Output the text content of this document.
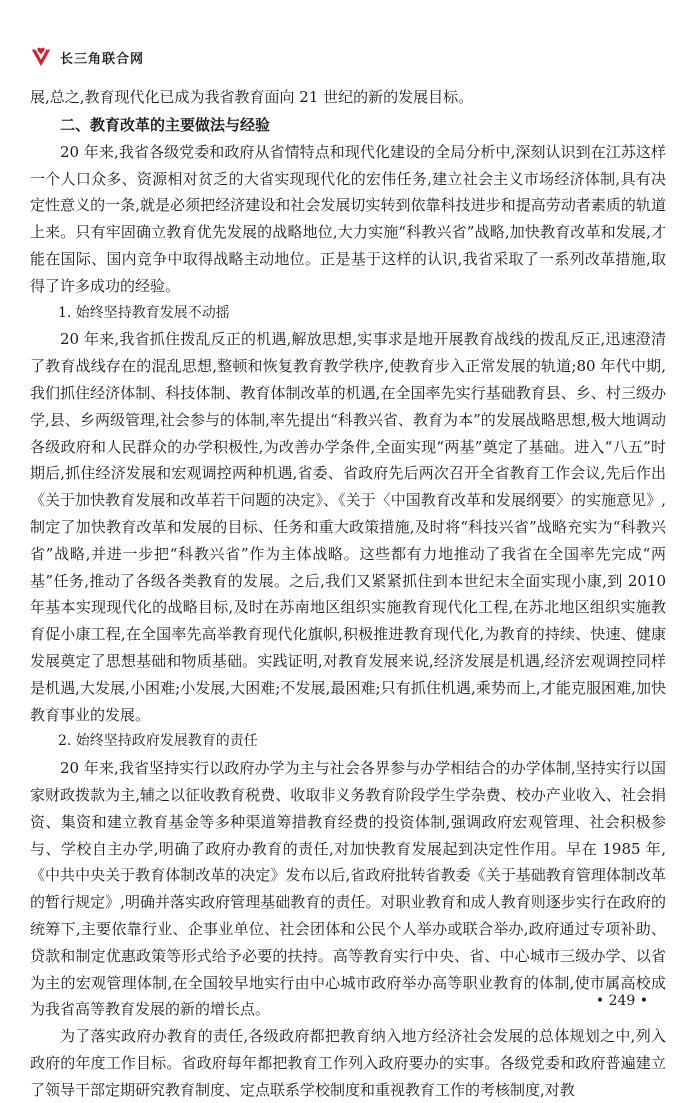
长三角联合网

展,总之,教育现代化已成为我省教育面向 21 世纪的新的发展目标。

二、教育改革的主要做法与经验

20 年来,我省各级党委和政府从省情特点和现代化建设的全局分析中,深刻认识到在江苏这样一个人口众多、资源相对贫乏的大省实现现代化的宏伟任务,建立社会主义市场经济体制,具有决定性意义的一条,就是必须把经济建设和社会发展切实转到依靠科技进步和提高劳动者素质的轨道上来。只有牢固确立教育优先发展的战略地位,大力实施“科教兴省”战略,加快教育改革和发展,才能在国际、国内竞争中取得战略主动地位。正是基于这样的认识,我省采取了一系列改革措施,取得了许多成功的经验。

1. 始终坚持教育发展不动摇

20 年来,我省抓住拨乱反正的机遇,解放思想,实事求是地开展教育战线的拨乱反正,迅速澄清了教育战线存在的混乱思想,整顿和恢复教育教学秩序,使教育步入正常发展的轨道;80 年代中期,我们抓住经济体制、科技体制、教育体制改革的机遇,在全国率先实行基础教育县、乡、村三级办学,县、乡两级管理,社会参与的体制,率先提出“科教兴省、教育为本”的发展战略思想,极大地调动各级政府和人民群众的办学积极性,为改善办学条件,全面实现“两基”奠定了基础。进入“八五”时期后,抓住经济发展和宏观调控两种机遇,省委、省政府先后两次召开全省教育工作会议,先后作出《关于加快教育发展和改革若干问题的决定》、《关于〈中国教育改革和发展纲要〉的实施意见》,制定了加快教育改革和发展的目标、任务和重大政策措施,及时将“科技兴省”战略充实为“科教兴省”战略,并进一步把“科教兴省”作为主体战略。这些都有力地推动了我省在全国率先完成“两基”任务,推动了各级各类教育的发展。之后,我们又紧紧抓住到本世纪末全面实现小康,到 2010 年基本实现现代化的战略目标,及时在苏南地区组织实施教育现代化工程,在苏北地区组织实施教育促小康工程,在全国率先高举教育现代化旗帜,积极推进教育现代化,为教育的持续、快速、健康发展奠定了思想基础和物质基础。实践证明,对教育发展来说,经济发展是机遇,经济宏观调控同样是机遇,大发展,小困难;小发展,大困难;不发展,最困难;只有抓住机遇,乘势而上,才能克服困难,加快教育事业的发展。

2. 始终坚持政府发展教育的责任

20 年来,我省坚持实行以政府办学为主与社会各界参与办学相结合的办学体制,坚持实行以国家财政拨款为主,辅之以征收教育税费、收取非义务教育阶段学生学杂费、校办产业收入、社会捐资、集资和建立教育基金等多种渠道筹措教育经费的投资体制,强调政府宏观管理、社会积极参与、学校自主办学,明确了政府办教育的责任,对加快教育发展起到决定性作用。早在 1985 年,《中共中央关于教育体制改革的决定》发布以后,省政府批转省教委《关于基础教育管理体制改革的暂行规定》,明确并落实政府管理基础教育的责任。对职业教育和成人教育则逐步实行在政府的统筹下,主要依靠行业、企事业单位、社会团体和公民个人举办或联合举办,政府通过专项补助、贷款和制定优惠政策等形式给予必要的扶持。高等教育实行中央、省、中心城市三级办学、以省为主的宏观管理体制,在全国较早地实行由中心城市政府举办高等职业教育的体制,使市属高校成为我省高等教育发展的新的增长点。

为了落实政府办教育的责任,各级政府都把教育纳入地方经济社会发展的总体规划之中,列入政府的年度工作目标。省政府每年都把教育工作列入政府要办的实事。各级党委和政府普遍建立了领导干部定期研究教育制度、定点联系学校制度和重视教育工作的考核制度,对教

• 249 •
